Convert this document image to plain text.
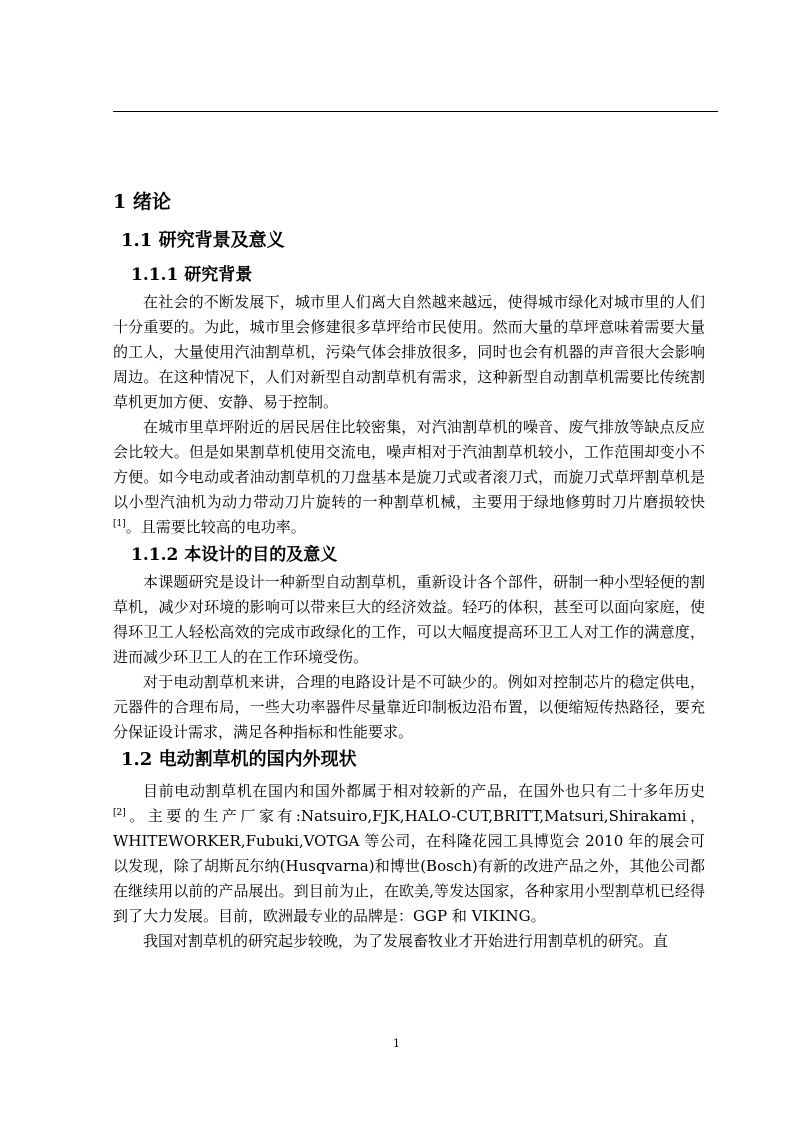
1 绪论
1.1 研究背景及意义
1.1.1 研究背景

在社会的不断发展下，城市里人们离大自然越来越远，使得城市绿化对城市里的人们十分重要的。为此，城市里会修建很多草坪给市民使用。然而大量的草坪意味着需要大量的工人，大量使用汽油割草机，污染气体会排放很多，同时也会有机器的声音很大会影响周边。在这种情况下，人们对新型自动割草机有需求，这种新型自动割草机需要比传统割草机更加方便、安静、易于控制。

在城市里草坪附近的居民居住比较密集，对汽油割草机的噪音、废气排放等缺点反应会比较大。但是如果割草机使用交流电，噪声相对于汽油割草机较小，工作范围却变小不方便。如今电动或者油动割草机的刀盘基本是旋刀式或者滚刀式，而旋刀式草坪割草机是以小型汽油机为动力带动刀片旋转的一种割草机械，主要用于绿地修剪时刀片磨损较快[1]。且需要比较高的电功率。

1.1.2 本设计的目的及意义

本课题研究是设计一种新型自动割草机，重新设计各个部件，研制一种小型轻便的割草机，减少对环境的影响可以带来巨大的经济效益。轻巧的体积，甚至可以面向家庭，使得环卫工人轻松高效的完成市政绿化的工作，可以大幅度提高环卫工人对工作的满意度，进而减少环卫工人的在工作环境受伤。

对于电动割草机来讲，合理的电路设计是不可缺少的。例如对控制芯片的稳定供电，元器件的合理布局，一些大功率器件尽量靠近印制板边沿布置，以便缩短传热路径，要充分保证设计需求，满足各种指标和性能要求。

1.2 电动割草机的国内外现状

目前电动割草机在国内和国外都属于相对较新的产品，在国外也只有二十多年历史[2]。主要的生产厂家有:Natsuiro,FJK,HALO-CUT,BRITT,Matsuri,Shirakami，WHITEWORKER,Fubuki,VOTGA 等公司，在科隆花园工具博览会 2010 年的展会可以发现，除了胡斯瓦尔纳(Husqvarna)和博世(Bosch)有新的改进产品之外，其他公司都在继续用以前的产品展出。到目前为止，在欧美,等发达国家，各种家用小型割草机已经得到了大力发展。目前，欧洲最专业的品牌是：GGP 和 VIKING。

我国对割草机的研究起步较晚，为了发展畜牧业才开始进行用割草机的研究。直

1
